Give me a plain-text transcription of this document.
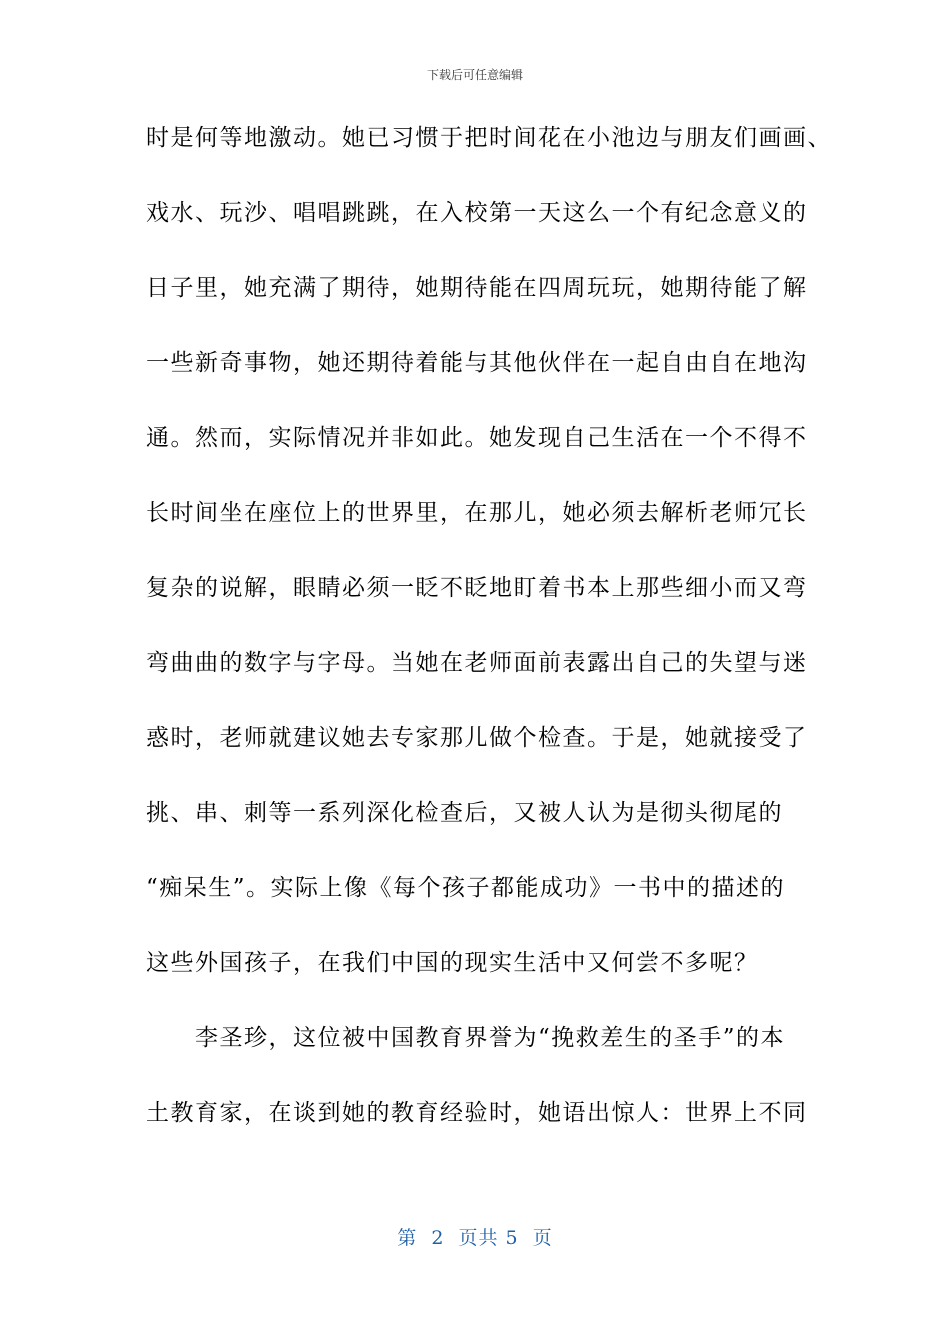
下载后可任意编辑
时是何等地激动。她已习惯于把时间花在小池边与朋友们画画、
戏水、玩沙、唱唱跳跳，在入校第一天这么一个有纪念意义的
日子里，她充满了期待，她期待能在四周玩玩，她期待能了解
一些新奇事物，她还期待着能与其他伙伴在一起自由自在地沟
通。然而，实际情况并非如此。她发现自己生活在一个不得不
长时间坐在座位上的世界里，在那儿，她必须去解析老师冗长
复杂的说解，眼睛必须一眨不眨地盯着书本上那些细小而又弯
弯曲曲的数字与字母。当她在老师面前表露出自己的失望与迷
惑时，老师就建议她去专家那儿做个检查。于是，她就接受了
挑、串、刺等一系列深化检查后，又被人认为是彻头彻尾的
“痴呆生”。实际上像《每个孩子都能成功》一书中的描述的
这些外国孩子，在我们中国的现实生活中又何尝不多呢？
　　李圣珍，这位被中国教育界誉为“挽救差生的圣手”的本
土教育家，在谈到她的教育经验时，她语出惊人：世界上不同
第  2  页共 5  页
